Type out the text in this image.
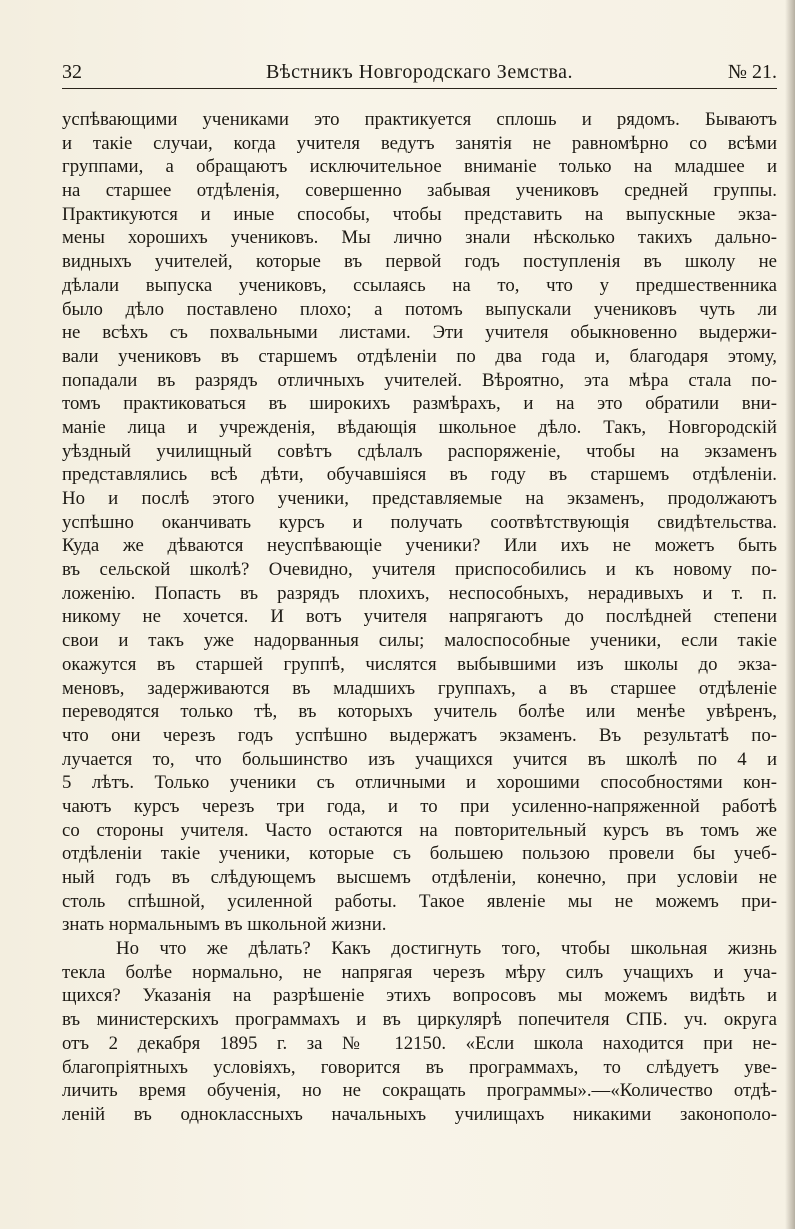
32	Вѣстникъ Новгородскаго Земства.	№ 21.
успѣвающими учениками это практикуется сплошь и рядомъ. Бываютъ
и такіе случаи, когда учителя ведутъ занятія не равномѣрно со всѣми
группами, а обращаютъ исключительное вниманіе только на младшее и
на старшее отдѣленія, совершенно забывая учениковъ средней группы.
Практикуются и иные способы, чтобы представить на выпускные экза-
мены хорошихъ учениковъ. Мы лично знали нѣсколько такихъ дально-
видныхъ учителей, которые въ первой годъ поступленія въ школу не
дѣлали выпуска учениковъ, ссылаясь на то, что у предшественника
было дѣло поставлено плохо; а потомъ выпускали учениковъ чуть ли
не всѣхъ съ похвальными листами. Эти учителя обыкновенно выдержи-
вали учениковъ въ старшемъ отдѣленіи по два года и, благодаря этому,
попадали въ разрядъ отличныхъ учителей. Вѣроятно, эта мѣра стала по-
томъ практиковаться въ широкихъ размѣрахъ, и на это обратили вни-
маніе лица и учрежденія, вѣдающія школьное дѣло. Такъ, Новгородскій
уѣздный училищный совѣтъ сдѣлалъ распоряженіе, чтобы на экзаменъ
представлялись всѣ дѣти, обучавшіяся въ году въ старшемъ отдѣленіи.
Но и послѣ этого ученики, представляемые на экзаменъ, продолжаютъ
успѣшно оканчивать курсъ и получать соотвѣтствующія свидѣтельства.
Куда же дѣваются неуспѣвающіе ученики? Или ихъ не можетъ быть
въ сельской школѣ? Очевидно, учителя приспособились и къ новому по-
ложенію. Попасть въ разрядъ плохихъ, неспособныхъ, нерадивыхъ и т. п.
никому не хочется. И вотъ учителя напрягаютъ до послѣдней степени
свои и такъ уже надорванныя силы; малоспособные ученики, если такіе
окажутся въ старшей группѣ, числятся выбывшими изъ школы до экза-
меновъ, задерживаются въ младшихъ группахъ, а въ старшее отдѣленіе
переводятся только тѣ, въ которыхъ учитель болѣе или менѣе увѣренъ,
что они черезъ годъ успѣшно выдержатъ экзаменъ. Въ результатѣ по-
лучается то, что большинство изъ учащихся учится въ школѣ по 4 и
5 лѣтъ. Только ученики съ отличными и хорошими способностями кон-
чаютъ курсъ черезъ три года, и то при усиленно-напряженной работѣ
со стороны учителя. Часто остаются на повторительный курсъ въ томъ же
отдѣленіи такіе ученики, которые съ большею пользою провели бы учеб-
ный годъ въ слѣдующемъ высшемъ отдѣленіи, конечно, при условіи не
столь спѣшной, усиленной работы. Такое явленіе мы не можемъ при-
знать нормальнымъ въ школьной жизни.
Но что же дѣлать? Какъ достигнуть того, чтобы школьная жизнь
текла болѣе нормально, не напрягая черезъ мѣру силъ учащихъ и уча-
щихся? Указанія на разрѣшеніе этихъ вопросовъ мы можемъ видѣть и
въ министерскихъ программахъ и въ циркулярѣ попечителя СПБ. уч. округа
отъ 2 декабря 1895 г. за № 12150. «Если школа находится при не-
благопріятныхъ условіяхъ, говорится въ программахъ, то слѣдуетъ уве-
личить время обученія, но не сокращать программы».—«Количество отдѣ-
леній въ одноклассныхъ начальныхъ училищахъ никакими законополо-
